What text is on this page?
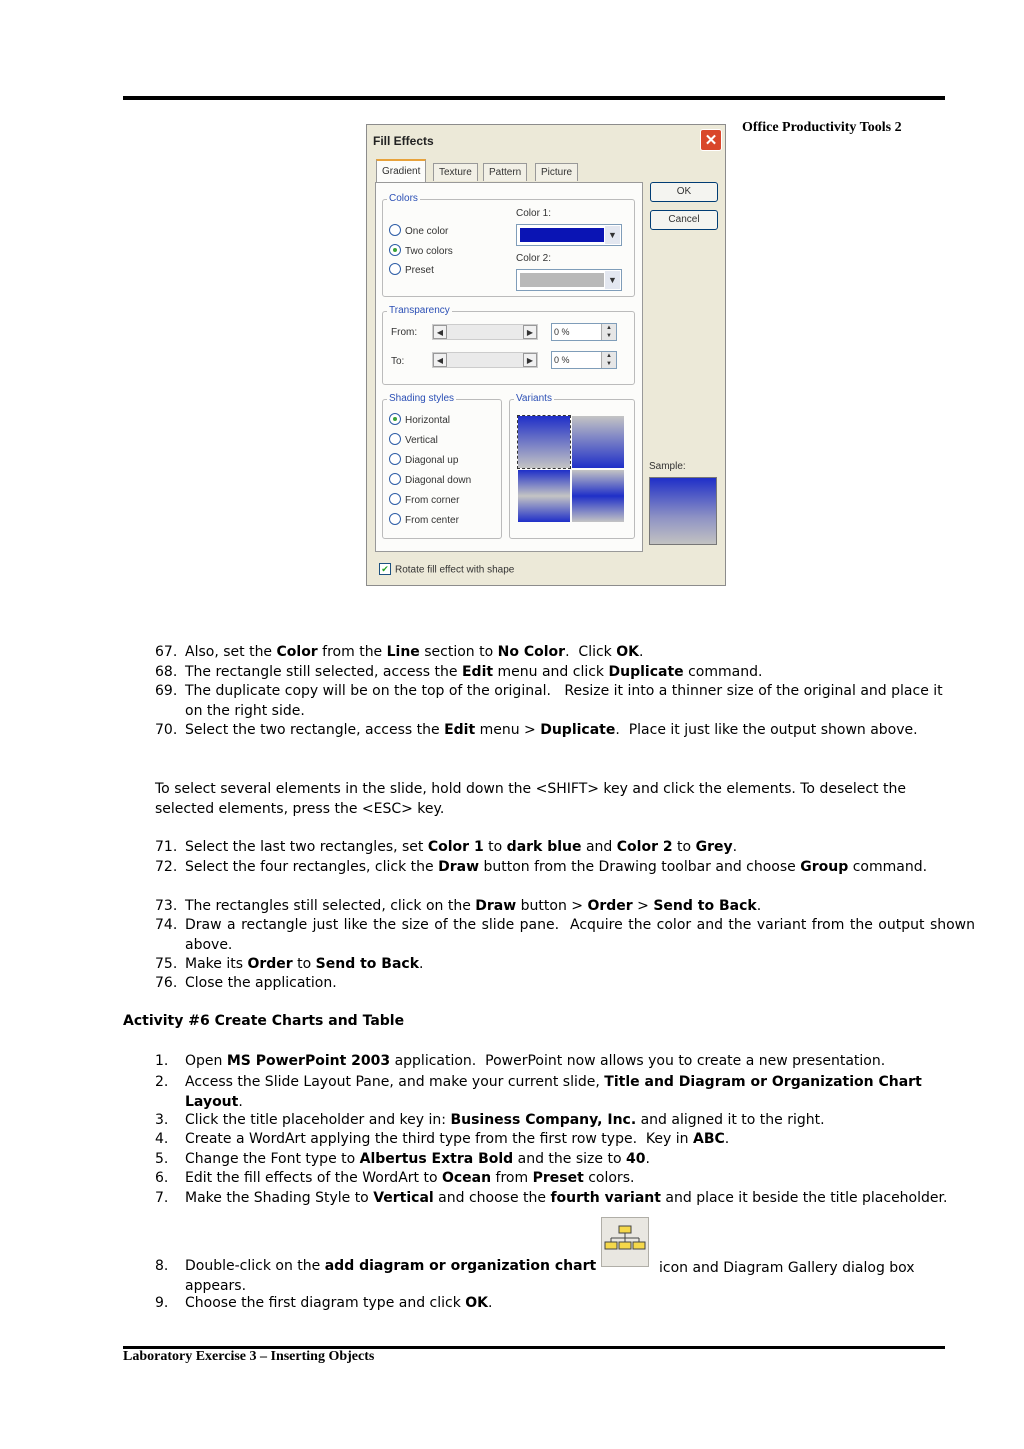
Office Productivity Tools 2
Fill Effects	✕
Gradient	Texture	Pattern	Picture
Colors
One color
Two colors
Preset
Color 1:
▼
Color 2:
▼
Transparency
From:	◀	▶	0 %	▲
▼
To:	◀	▶	0 %	▲
▼
Shading styles
Horizontal
Vertical
Diagonal up
Diagonal down
From corner
From center
Variants
OK
Cancel
Sample:
✔ Rotate fill effect with shape
67. Also, set the Color from the Line section to No Color.  Click OK.
68. The rectangle still selected, access the Edit menu and click Duplicate command.
69. The duplicate copy will be on the top of the original.   Resize it into a thinner size of the original and place it on the right side.
70. Select the two rectangle, access the Edit menu > Duplicate.  Place it just like the output shown above.
To select several elements in the slide, hold down the <SHIFT> key and click the elements. To deselect the selected elements, press the <ESC> key.
71. Select the last two rectangles, set Color 1 to dark blue and Color 2 to Grey.
72. Select the four rectangles, click the Draw button from the Drawing toolbar and choose Group command.
73. The rectangles still selected, click on the Draw button > Order > Send to Back.
74. Draw a rectangle just like the size of the slide pane.  Acquire the color and the variant from the output shown above.
75. Make its Order to Send to Back.
76. Close the application.
Activity #6 Create Charts and Table
1. Open MS PowerPoint 2003 application.  PowerPoint now allows you to create a new presentation.
2. Access the Slide Layout Pane, and make your current slide, Title and Diagram or Organization Chart Layout.
3. Click the title placeholder and key in: Business Company, Inc. and aligned it to the right.
4. Create a WordArt applying the third type from the first row type.  Key in ABC.
5. Change the Font type to Albertus Extra Bold and the size to 40.
6. Edit the fill effects of the WordArt to Ocean from Preset colors.
7. Make the Shading Style to Vertical and choose the fourth variant and place it beside the title placeholder.
8. Double-click on the add diagram or organization chart	icon and Diagram Gallery dialog box

appears.
9. Choose the first diagram type and click OK.
Laboratory Exercise 3 – Inserting Objects
